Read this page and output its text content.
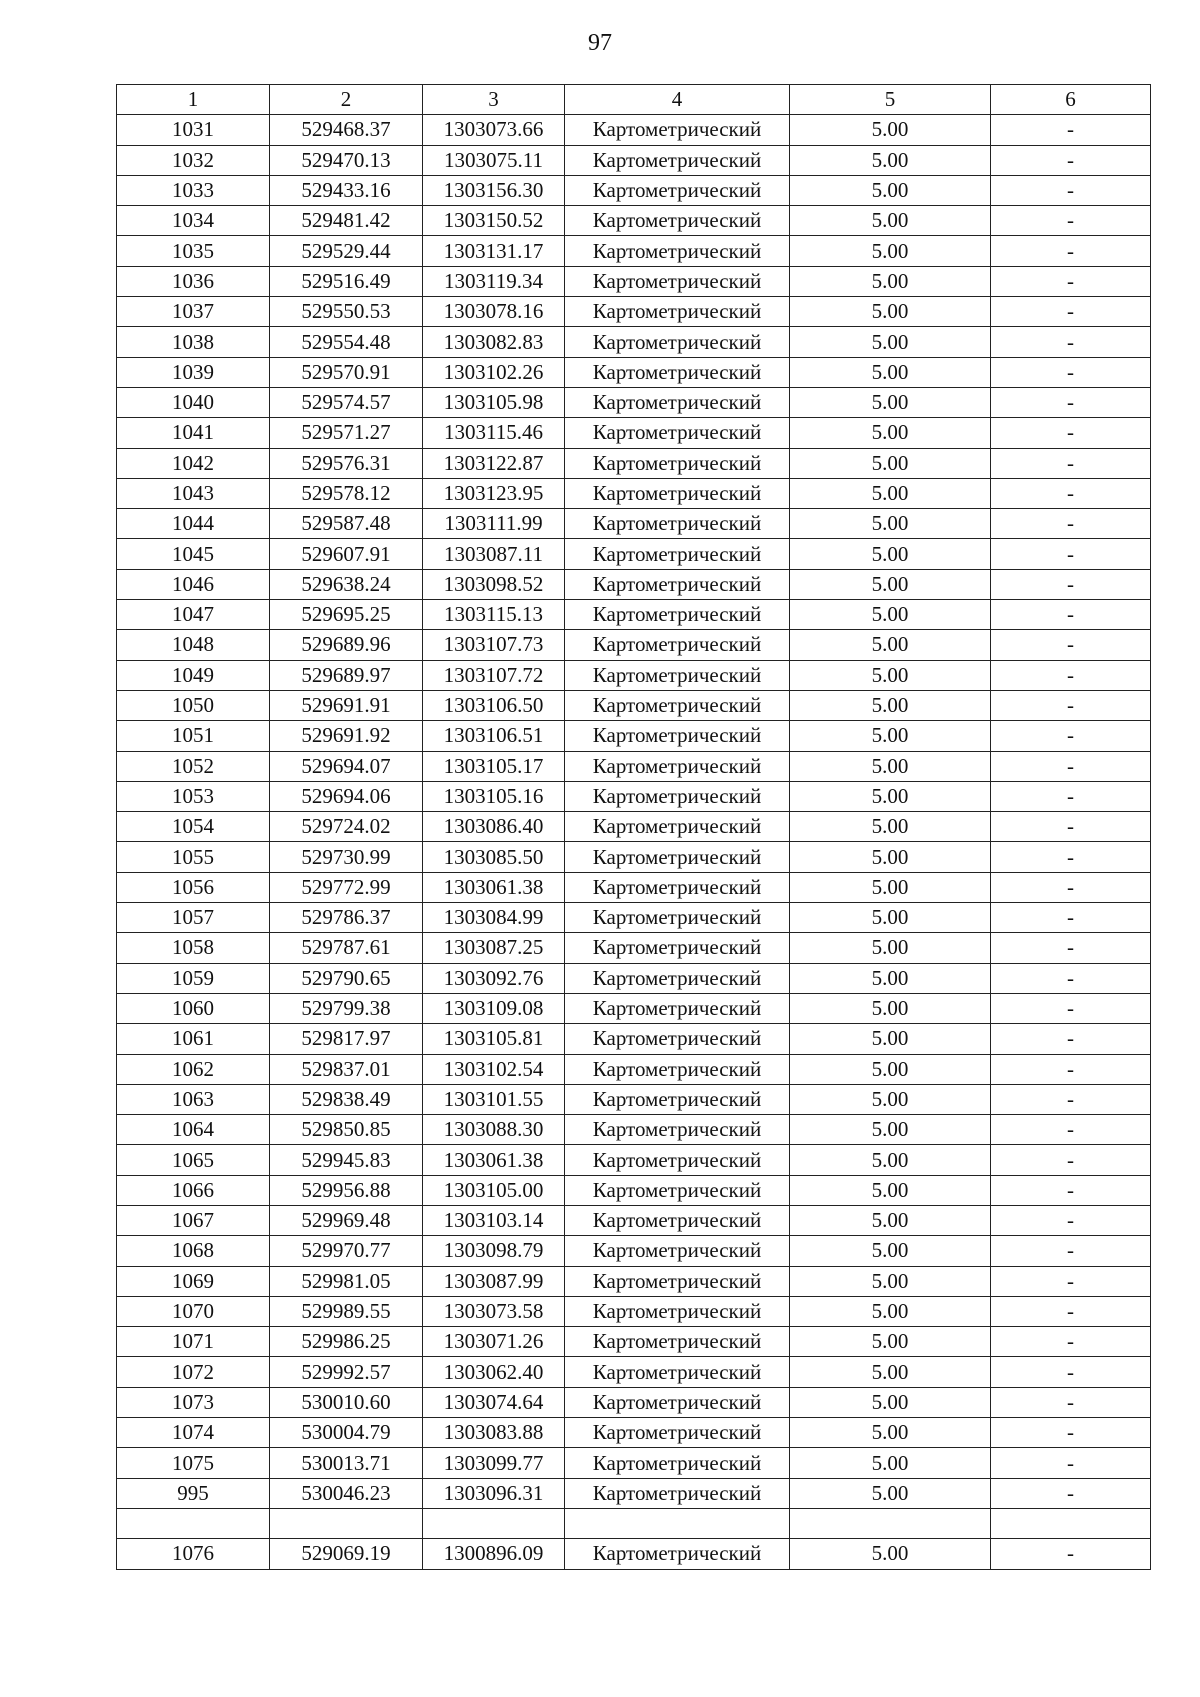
97
1	2	3	4	5	6
1031	529468.37	1303073.66	Картометрический	5.00	-
1032	529470.13	1303075.11	Картометрический	5.00	-
1033	529433.16	1303156.30	Картометрический	5.00	-
1034	529481.42	1303150.52	Картометрический	5.00	-
1035	529529.44	1303131.17	Картометрический	5.00	-
1036	529516.49	1303119.34	Картометрический	5.00	-
1037	529550.53	1303078.16	Картометрический	5.00	-
1038	529554.48	1303082.83	Картометрический	5.00	-
1039	529570.91	1303102.26	Картометрический	5.00	-
1040	529574.57	1303105.98	Картометрический	5.00	-
1041	529571.27	1303115.46	Картометрический	5.00	-
1042	529576.31	1303122.87	Картометрический	5.00	-
1043	529578.12	1303123.95	Картометрический	5.00	-
1044	529587.48	1303111.99	Картометрический	5.00	-
1045	529607.91	1303087.11	Картометрический	5.00	-
1046	529638.24	1303098.52	Картометрический	5.00	-
1047	529695.25	1303115.13	Картометрический	5.00	-
1048	529689.96	1303107.73	Картометрический	5.00	-
1049	529689.97	1303107.72	Картометрический	5.00	-
1050	529691.91	1303106.50	Картометрический	5.00	-
1051	529691.92	1303106.51	Картометрический	5.00	-
1052	529694.07	1303105.17	Картометрический	5.00	-
1053	529694.06	1303105.16	Картометрический	5.00	-
1054	529724.02	1303086.40	Картометрический	5.00	-
1055	529730.99	1303085.50	Картометрический	5.00	-
1056	529772.99	1303061.38	Картометрический	5.00	-
1057	529786.37	1303084.99	Картометрический	5.00	-
1058	529787.61	1303087.25	Картометрический	5.00	-
1059	529790.65	1303092.76	Картометрический	5.00	-
1060	529799.38	1303109.08	Картометрический	5.00	-
1061	529817.97	1303105.81	Картометрический	5.00	-
1062	529837.01	1303102.54	Картометрический	5.00	-
1063	529838.49	1303101.55	Картометрический	5.00	-
1064	529850.85	1303088.30	Картометрический	5.00	-
1065	529945.83	1303061.38	Картометрический	5.00	-
1066	529956.88	1303105.00	Картометрический	5.00	-
1067	529969.48	1303103.14	Картометрический	5.00	-
1068	529970.77	1303098.79	Картометрический	5.00	-
1069	529981.05	1303087.99	Картометрический	5.00	-
1070	529989.55	1303073.58	Картометрический	5.00	-
1071	529986.25	1303071.26	Картометрический	5.00	-
1072	529992.57	1303062.40	Картометрический	5.00	-
1073	530010.60	1303074.64	Картометрический	5.00	-
1074	530004.79	1303083.88	Картометрический	5.00	-
1075	530013.71	1303099.77	Картометрический	5.00	-
995	530046.23	1303096.31	Картометрический	5.00	-

1076	529069.19	1300896.09	Картометрический	5.00	-
